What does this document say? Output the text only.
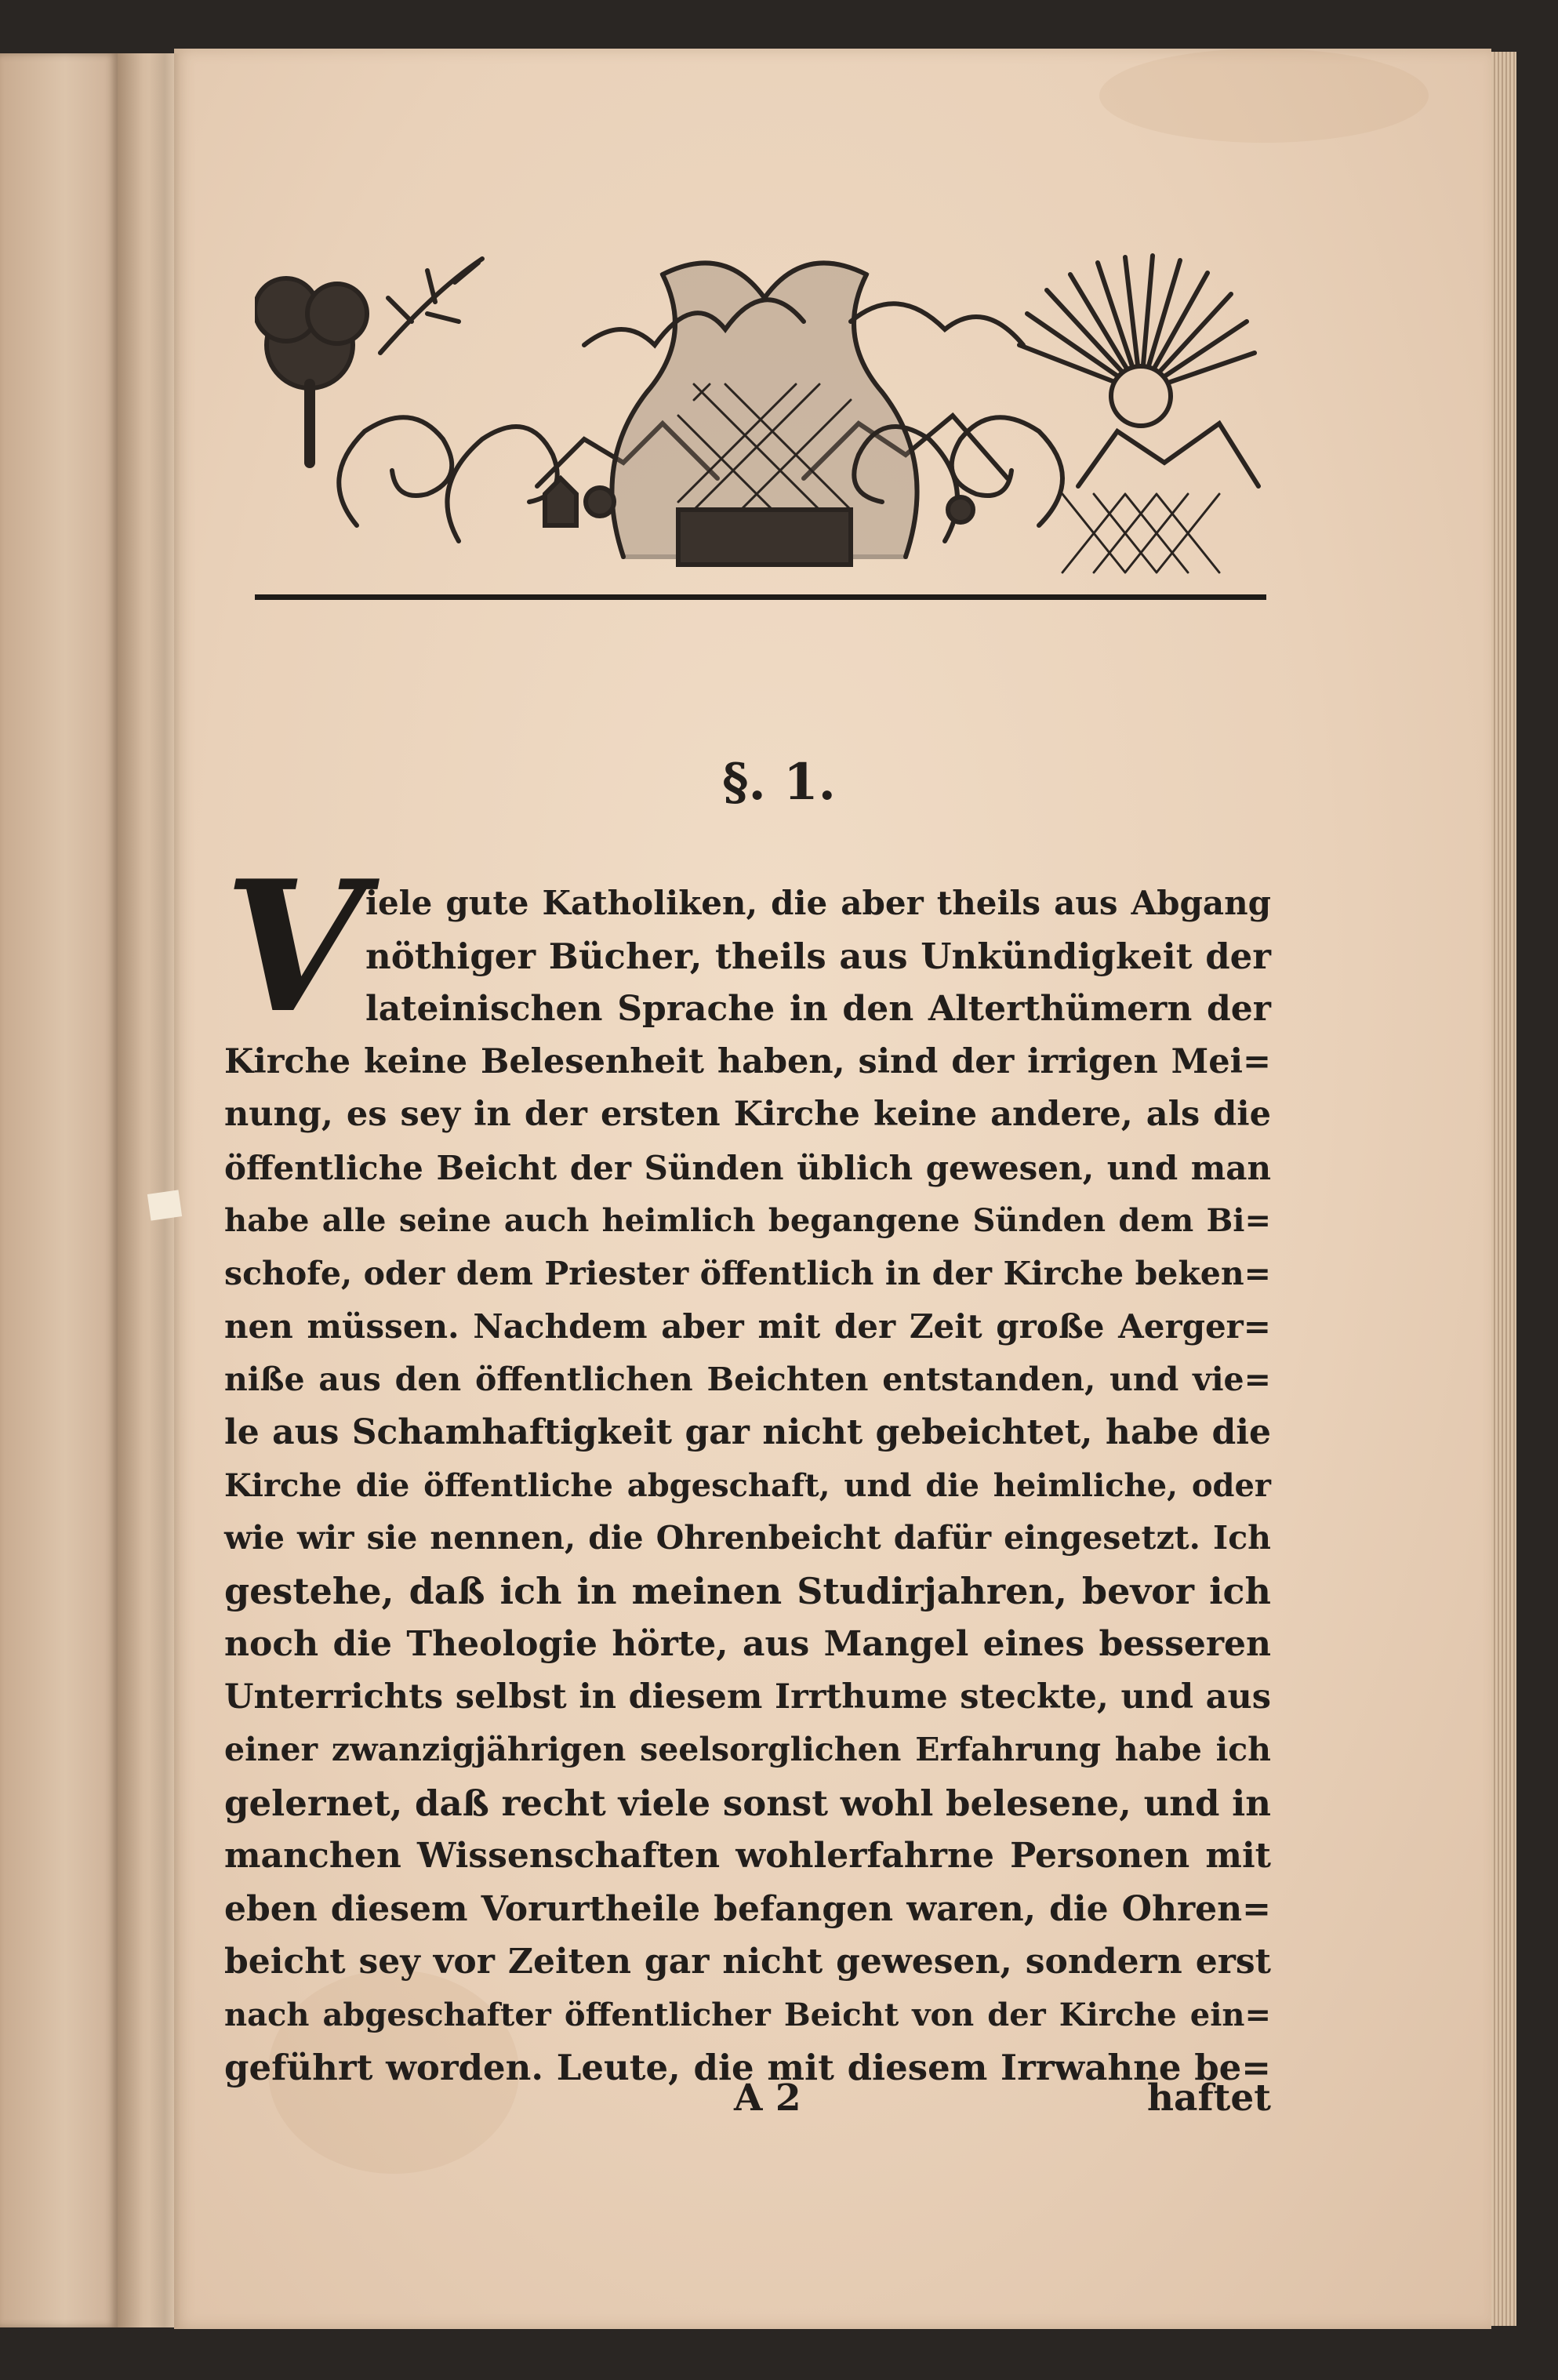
§. 1.
V iele gute Katholiken, die aber theils aus Abgang
nöthiger Bücher, theils aus Unkündigkeit der
lateinischen Sprache in den Alterthümern der
Kirche keine Belesenheit haben, sind der irrigen Mei=
nung, es sey in der ersten Kirche keine andere, als die
öffentliche Beicht der Sünden üblich gewesen, und man
habe alle seine auch heimlich begangene Sünden dem Bi=
schofe, oder dem Priester öffentlich in der Kirche beken=
nen müssen. Nachdem aber mit der Zeit große Aerger=
niße aus den öffentlichen Beichten entstanden, und vie=
le aus Schamhaftigkeit gar nicht gebeichtet, habe die
Kirche die öffentliche abgeschaft, und die heimliche, oder
wie wir sie nennen, die Ohrenbeicht dafür eingesetzt. Ich
gestehe, daß ich in meinen Studirjahren, bevor ich
noch die Theologie hörte, aus Mangel eines besseren
Unterrichts selbst in diesem Irrthume steckte, und aus
einer zwanzigjährigen seelsorglichen Erfahrung habe ich
gelernet, daß recht viele sonst wohl belesene, und in
manchen Wissenschaften wohlerfahrne Personen mit
eben diesem Vorurtheile befangen waren, die Ohren=
beicht sey vor Zeiten gar nicht gewesen, sondern erst
nach abgeschafter öffentlicher Beicht von der Kirche ein=
geführt worden. Leute, die mit diesem Irrwahne be=
A 2	haftet
